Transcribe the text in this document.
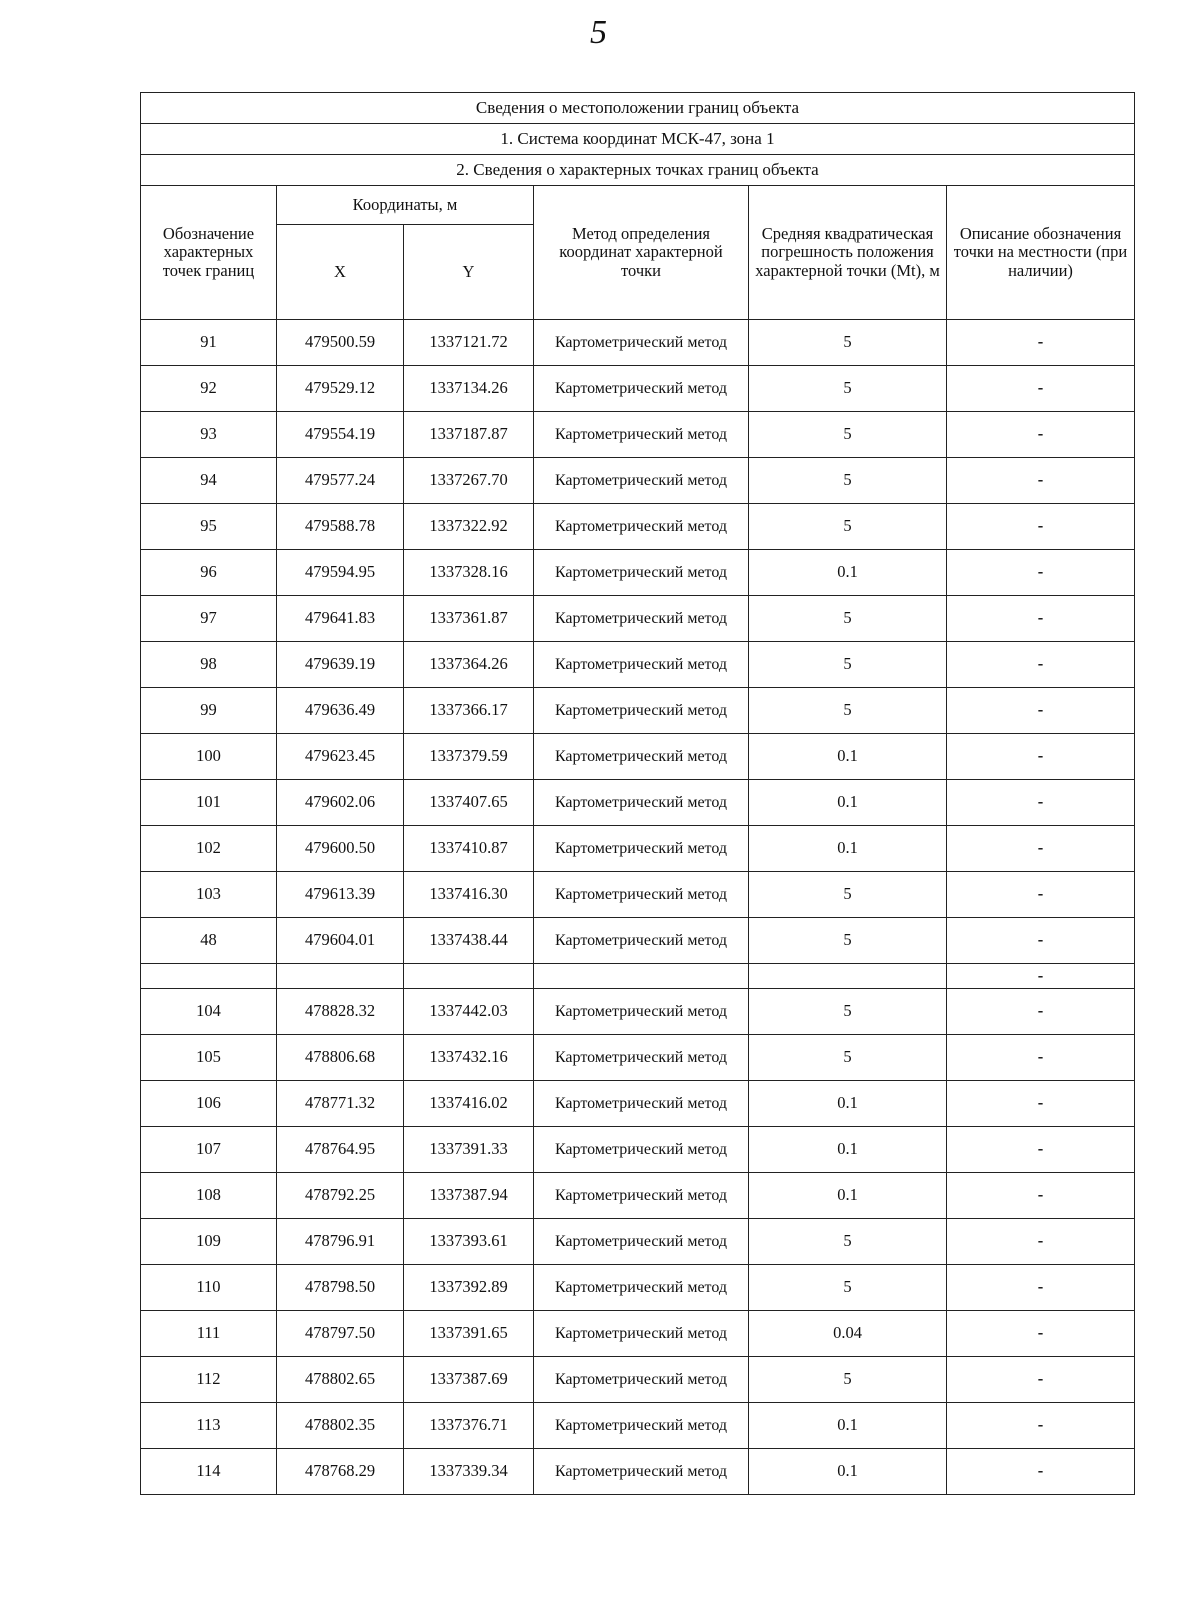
5
Сведения о местоположении границ объекта					
1. Система координат МСК-47, зона 1					
2. Сведения о характерных точках границ объекта					
Обозначение характерных точек границ	Координаты, м		Метод определения координат характерной точки	Средняя квадратическая погрешность положения характерной точки (Mt), м	Описание обозначения точки на местности (при наличии)
	X	Y			
91	479500.59	1337121.72	Картометрический метод	5	-
92	479529.12	1337134.26	Картометрический метод	5	-
93	479554.19	1337187.87	Картометрический метод	5	-
94	479577.24	1337267.70	Картометрический метод	5	-
95	479588.78	1337322.92	Картометрический метод	5	-
96	479594.95	1337328.16	Картометрический метод	0.1	-
97	479641.83	1337361.87	Картометрический метод	5	-
98	479639.19	1337364.26	Картометрический метод	5	-
99	479636.49	1337366.17	Картометрический метод	5	-
100	479623.45	1337379.59	Картометрический метод	0.1	-
101	479602.06	1337407.65	Картометрический метод	0.1	-
102	479600.50	1337410.87	Картометрический метод	0.1	-
103	479613.39	1337416.30	Картометрический метод	5	-
48	479604.01	1337438.44	Картометрический метод	5	-
					-
104	478828.32	1337442.03	Картометрический метод	5	-
105	478806.68	1337432.16	Картометрический метод	5	-
106	478771.32	1337416.02	Картометрический метод	0.1	-
107	478764.95	1337391.33	Картометрический метод	0.1	-
108	478792.25	1337387.94	Картометрический метод	0.1	-
109	478796.91	1337393.61	Картометрический метод	5	-
110	478798.50	1337392.89	Картометрический метод	5	-
111	478797.50	1337391.65	Картометрический метод	0.04	-
112	478802.65	1337387.69	Картометрический метод	5	-
113	478802.35	1337376.71	Картометрический метод	0.1	-
114	478768.29	1337339.34	Картометрический метод	0.1	-
